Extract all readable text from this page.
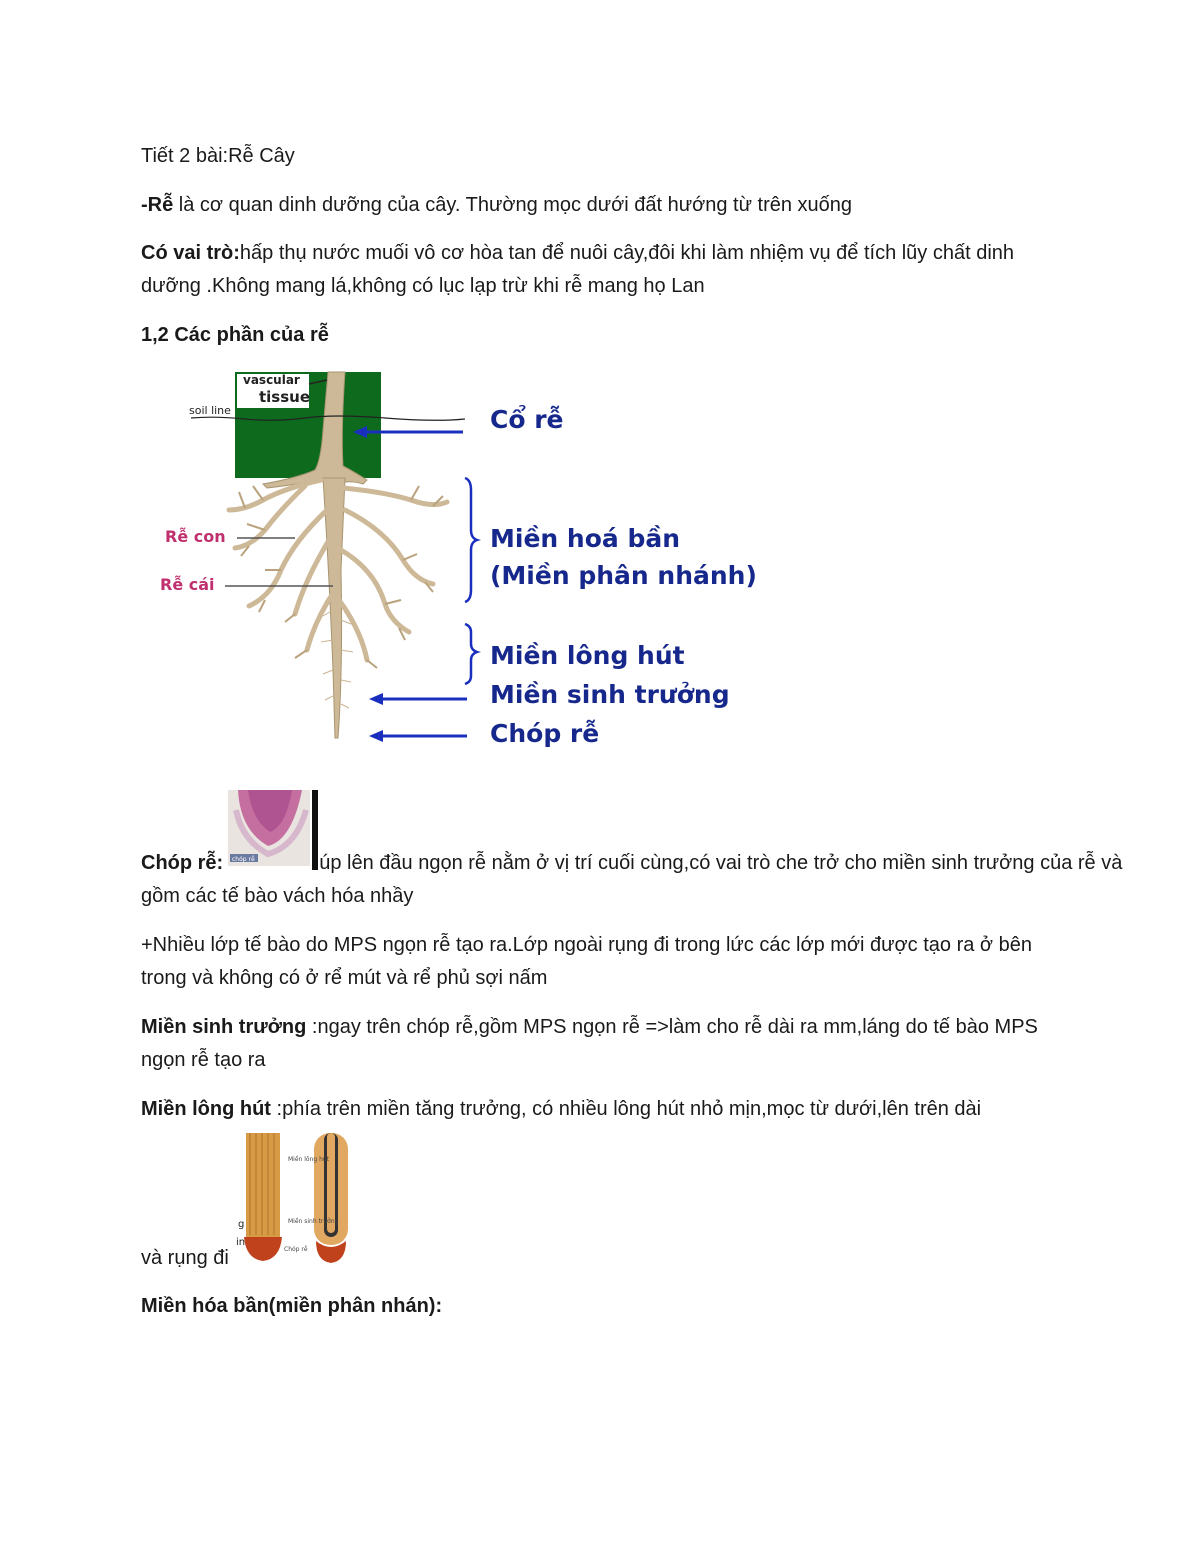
Tiết 2 bài:Rễ Cây

-Rễ là cơ quan dinh dưỡng của cây. Thường mọc dưới đất hướng từ trên xuống

Có vai trò:hấp thụ nước muối vô cơ hòa tan để nuôi cây,đôi khi làm nhiệm vụ để tích lũy chất dinh dưỡng .Không mang lá,không có lục lạp trừ khi rễ mang họ Lan

1,2 Các phần của rễ

vascular
tissue
soil line
Rễ con
Rễ cái
Cổ rễ
Miền hoá bần
(Miền phân nhánh)
Miền lông hút
Miền sinh trưởng
Chóp rễ
chóp rễ

Chóp rễ:	úp lên đầu ngọn rễ nằm ở vị trí cuối cùng,có vai trò che trở cho miền sinh trưởng của rễ và gồm các tế bào vách hóa nhầy

+Nhiều lớp tế bào do MPS ngọn rễ tạo ra.Lớp ngoài rụng đi trong lức các lớp mới được tạo ra ở bên trong và không có ở rể mút và rể phủ sợi nấm

Miền sinh trưởng :ngay trên chóp rễ,gồm MPS ngọn rễ =>làm cho rễ dài ra mm,láng do tế bào MPS ngọn rễ tạo ra

Miền lông hút :phía trên miền tăng trưởng, có nhiều lông hút nhỏ mịn,mọc từ dưới,lên trên dài

Miền lông hút
Miền sinh trưởng
Chóp rễ
g
in

và rụng đi

Miền hóa bần(miền phân nhán):
